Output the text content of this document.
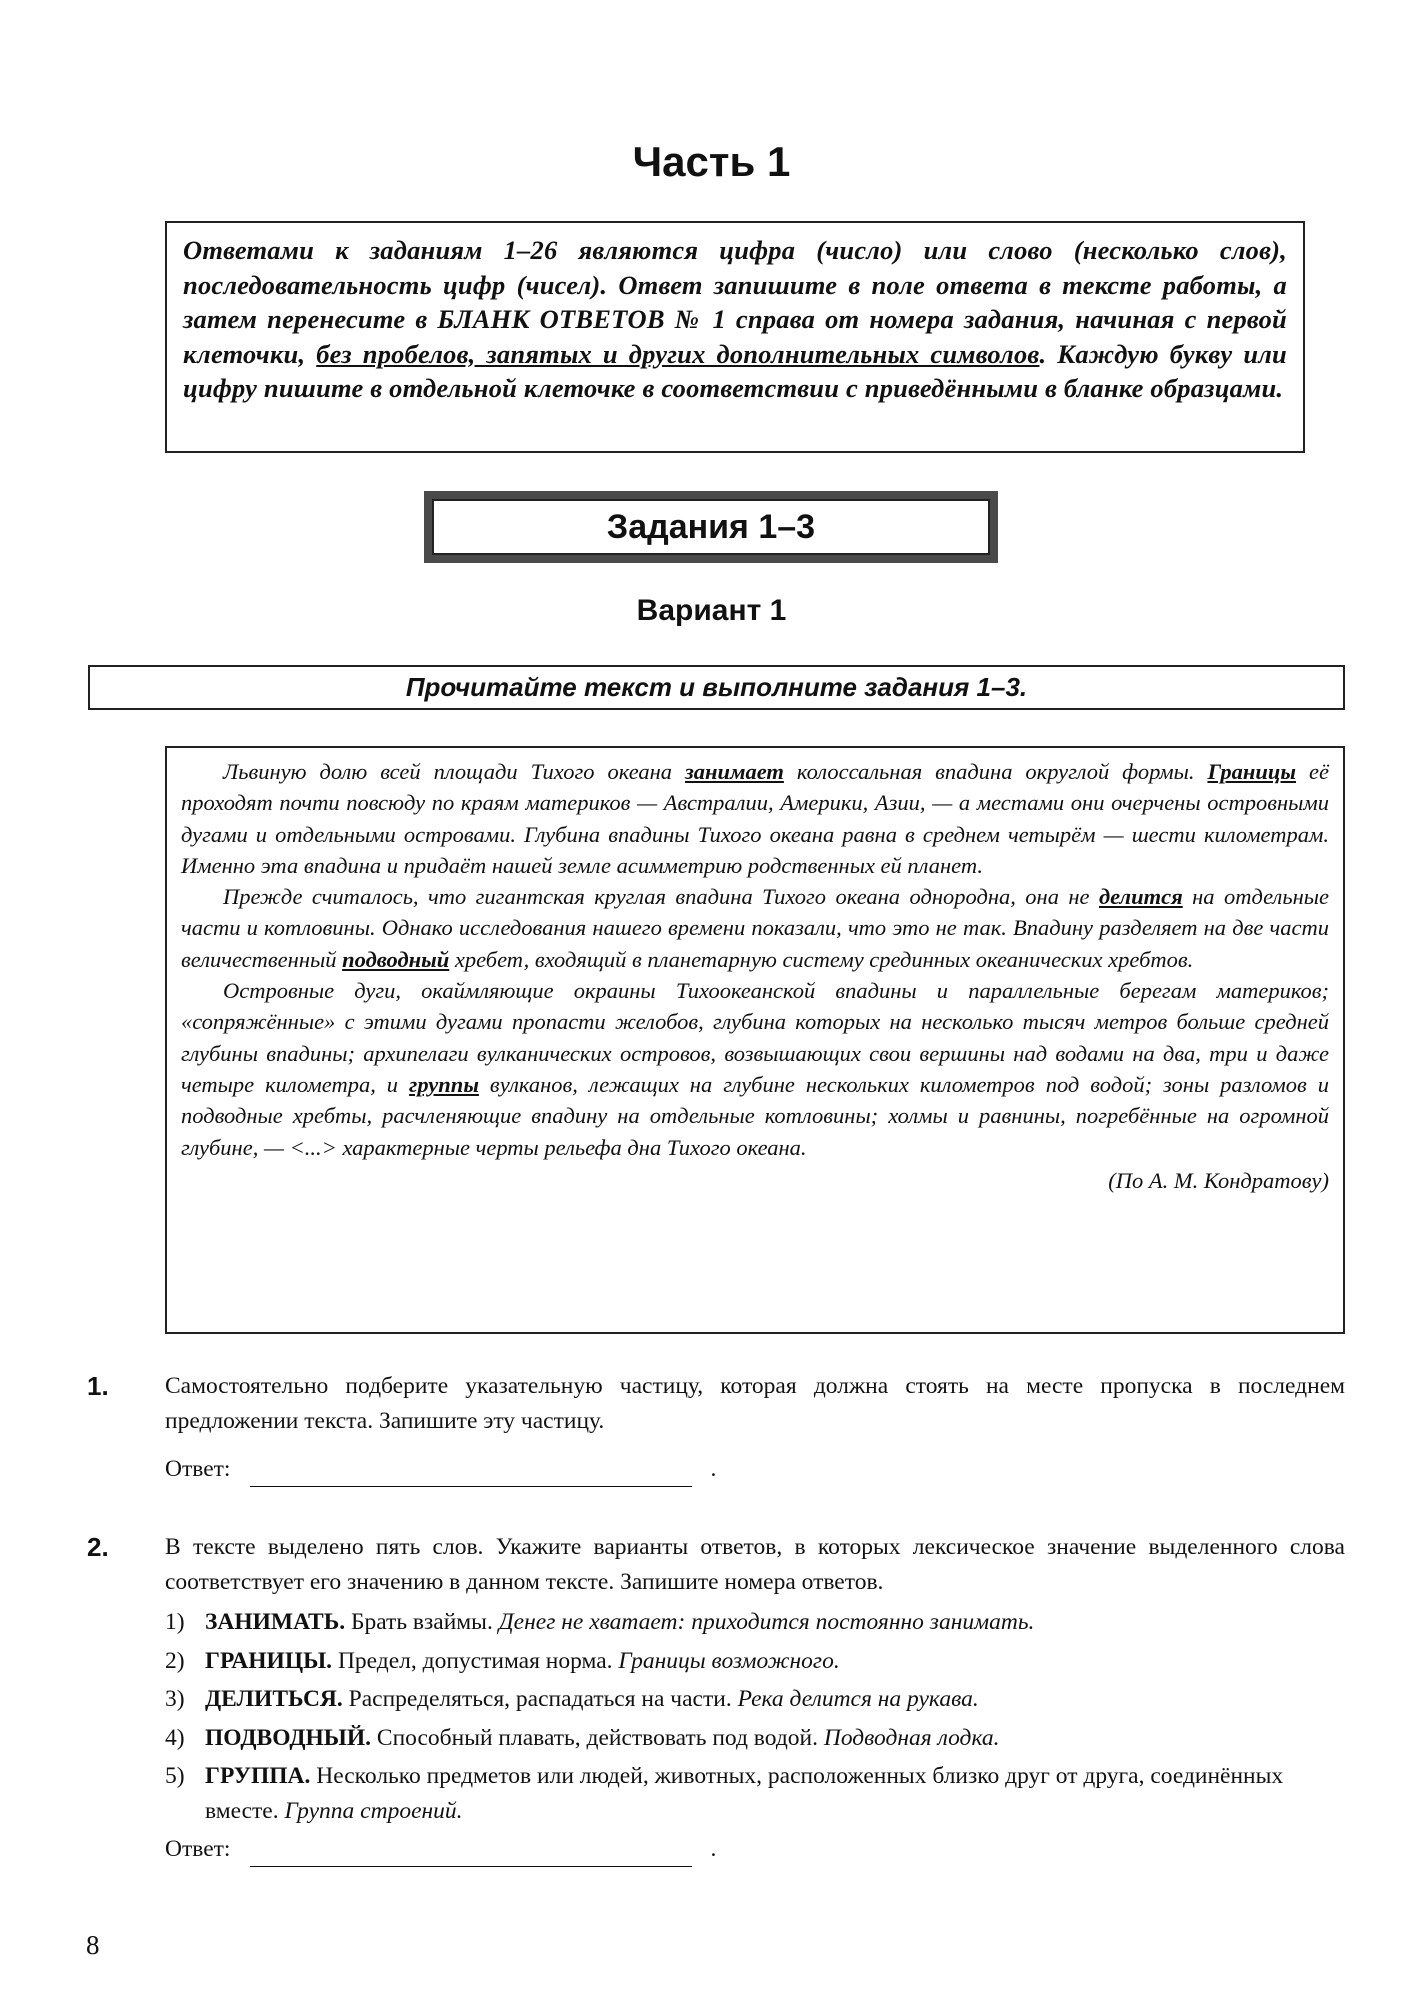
Часть 1
Ответами к заданиям 1–26 являются цифра (число) или слово (несколько слов), последовательность цифр (чисел). Ответ запишите в поле ответа в тексте работы, а затем перенесите в БЛАНК ОТВЕТОВ № 1 справа от номера задания, начиная с первой клеточки, без пробелов, запятых и других дополнительных символов. Каждую букву или цифру пишите в отдельной клеточке в соответствии с приведёнными в бланке образцами.
Задания 1–3
Вариант 1
Прочитайте текст и выполните задания 1–3.

Львиную долю всей площади Тихого океана занимает колоссальная впадина округлой формы. Границы её проходят почти повсюду по краям материков — Австралии, Америки, Азии, — а местами они очерчены островными дугами и отдельными островами. Глубина впадины Тихого океана равна в среднем четырём — шести километрам. Именно эта впадина и придаёт нашей земле асимметрию родственных ей планет.

Прежде считалось, что гигантская круглая впадина Тихого океана однородна, она не делится на отдельные части и котловины. Однако исследования нашего времени показали, что это не так. Впадину разделяет на две части величественный подводный хребет, входящий в планетарную систему срединных океанических хребтов.

Островные дуги, окаймляющие окраины Тихоокеанской впадины и параллельные берегам материков; «сопряжённые» с этими дугами пропасти желобов, глубина которых на несколько тысяч метров больше средней глубины впадины; архипелаги вулканических островов, возвышающих свои вершины над водами на два, три и даже четыре километра, и группы вулканов, лежащих на глубине нескольких километров под водой; зоны разломов и подводные хребты, расчленяющие впадину на отдельные котловины; холмы и равнины, погребённые на огромной глубине, — <...> характерные черты рельефа дна Тихого океана.

(По А. М. Кондратову)

1. Самостоятельно подберите указательную частицу, которая должна стоять на месте пропуска в последнем предложении текста. Запишите эту частицу.

Ответ:	.
2. В тексте выделено пять слов. Укажите варианты ответов, в которых лексическое значение выделенного слова соответствует его значению в данном тексте. Запишите номера ответов.

1) ЗАНИМАТЬ. Брать взаймы. Денег не хватает: приходится постоянно занимать.
2) ГРАНИЦЫ. Предел, допустимая норма. Границы возможного.
3) ДЕЛИТЬСЯ. Распределяться, распадаться на части. Река делится на рукава.
4) ПОДВОДНЫЙ. Способный плавать, действовать под водой. Подводная лодка.
5) ГРУППА. Несколько предметов или людей, животных, расположенных близко друг от друга, соединённых вместе. Группа строений.
Ответ:	.
8
